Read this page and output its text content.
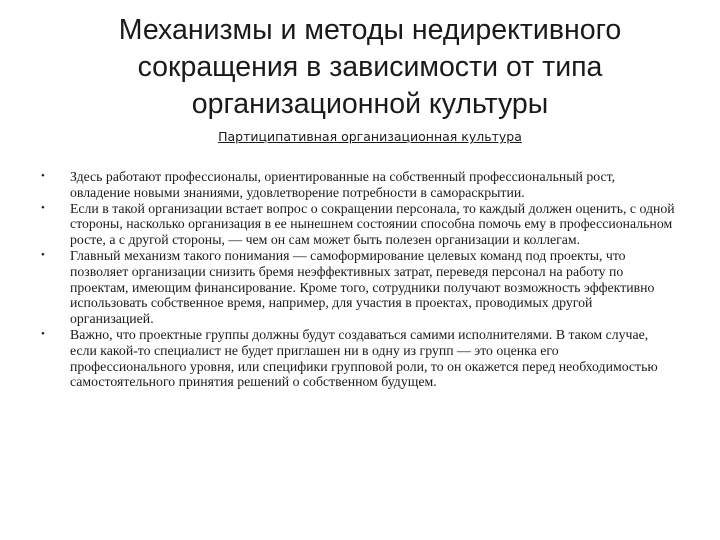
Механизмы и методы недирективного сокращения в зависимости от типа организационной культуры
Партиципативная организационная культура
• Здесь работают профессионалы, ориентированные на собственный профессиональный рост, овладение новыми знаниями, удовлетворение потребности в самораскрытии.
• Если в такой организации встает вопрос о сокращении персонала, то каждый должен оценить, с одной стороны, насколько организация в ее нынешнем состоянии способна помочь ему в профессиональном росте, а с другой стороны, — чем он сам может быть полезен организации и коллегам.
• Главный механизм такого понимания — самоформирование целевых команд под проекты, что позволяет организации снизить бремя неэффективных затрат, переведя персонал на работу по проектам, имеющим финансирование. Кроме того, сотрудники получают возможность эффективно использовать собственное время, например, для участия в проектах, проводимых другой организацией.
• Важно, что проектные группы должны будут создаваться самими исполнителями. В таком случае, если какой-то специалист не будет приглашен ни в одну из групп — это оценка его профессионального уровня, или специфики групповой роли, то он окажется перед необходимостью самостоятельного принятия решений о собственном будущем.
